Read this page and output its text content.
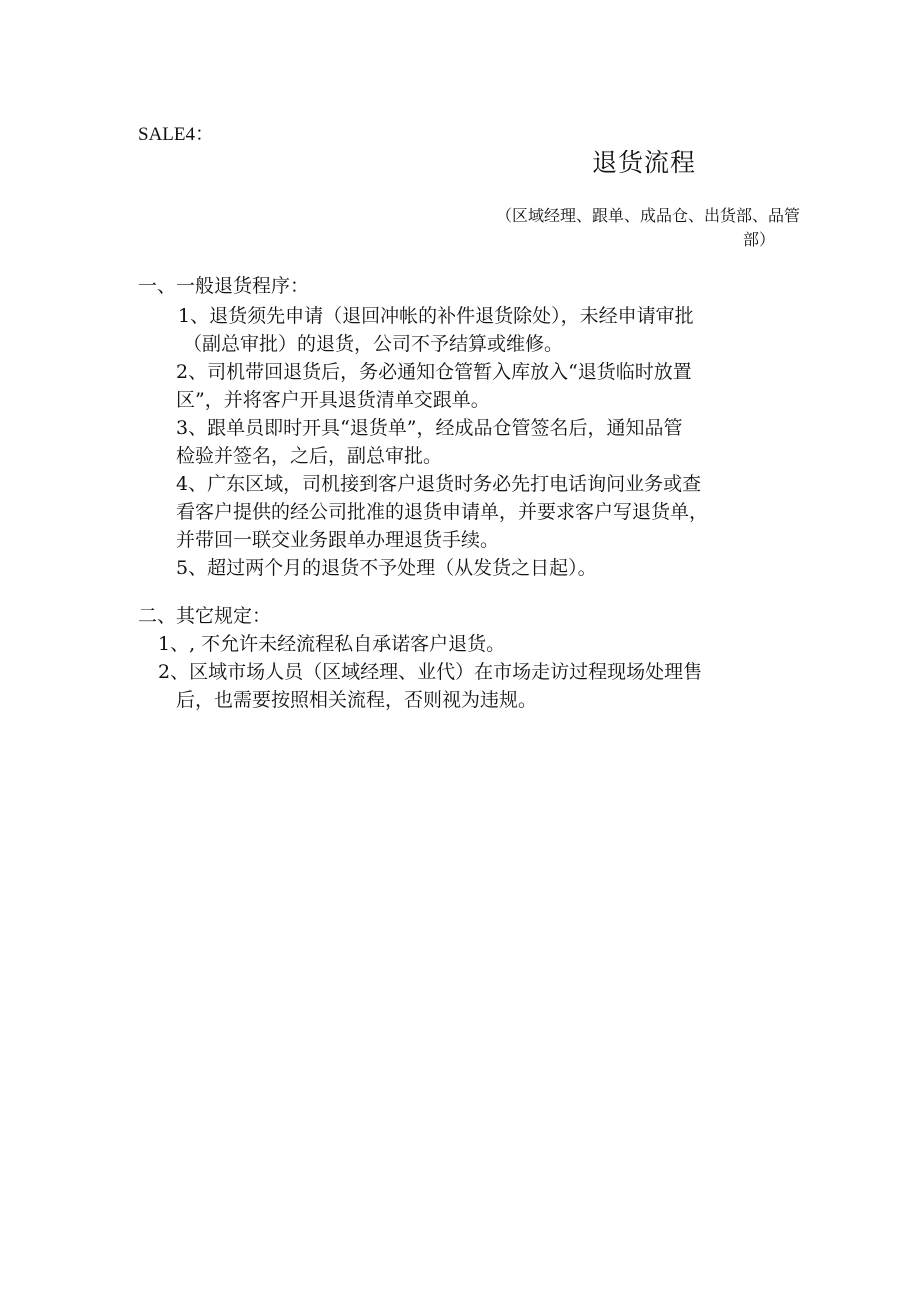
SALE4：
退货流程
（区域经理、跟单、成品仓、出货部、品管
部）
一、一般退货程序：
1、退货须先申请（退回冲帐的补件退货除处），未经申请审批
（副总审批）的退货，公司不予结算或维修。
2、司机带回退货后，务必通知仓管暂入库放入“退货临时放置
区”，并将客户开具退货清单交跟单。
3、跟单员即时开具“退货单”，经成品仓管签名后，通知品管
检验并签名，之后，副总审批。
4、广东区域，司机接到客户退货时务必先打电话询问业务或查
看客户提供的经公司批准的退货申请单，并要求客户写退货单，
并带回一联交业务跟单办理退货手续。
5、超过两个月的退货不予处理（从发货之日起）。
二、其它规定：
1、, 不允许未经流程私自承诺客户退货。
2、区域市场人员（区域经理、业代）在市场走访过程现场处理售
后，也需要按照相关流程，否则视为违规。
